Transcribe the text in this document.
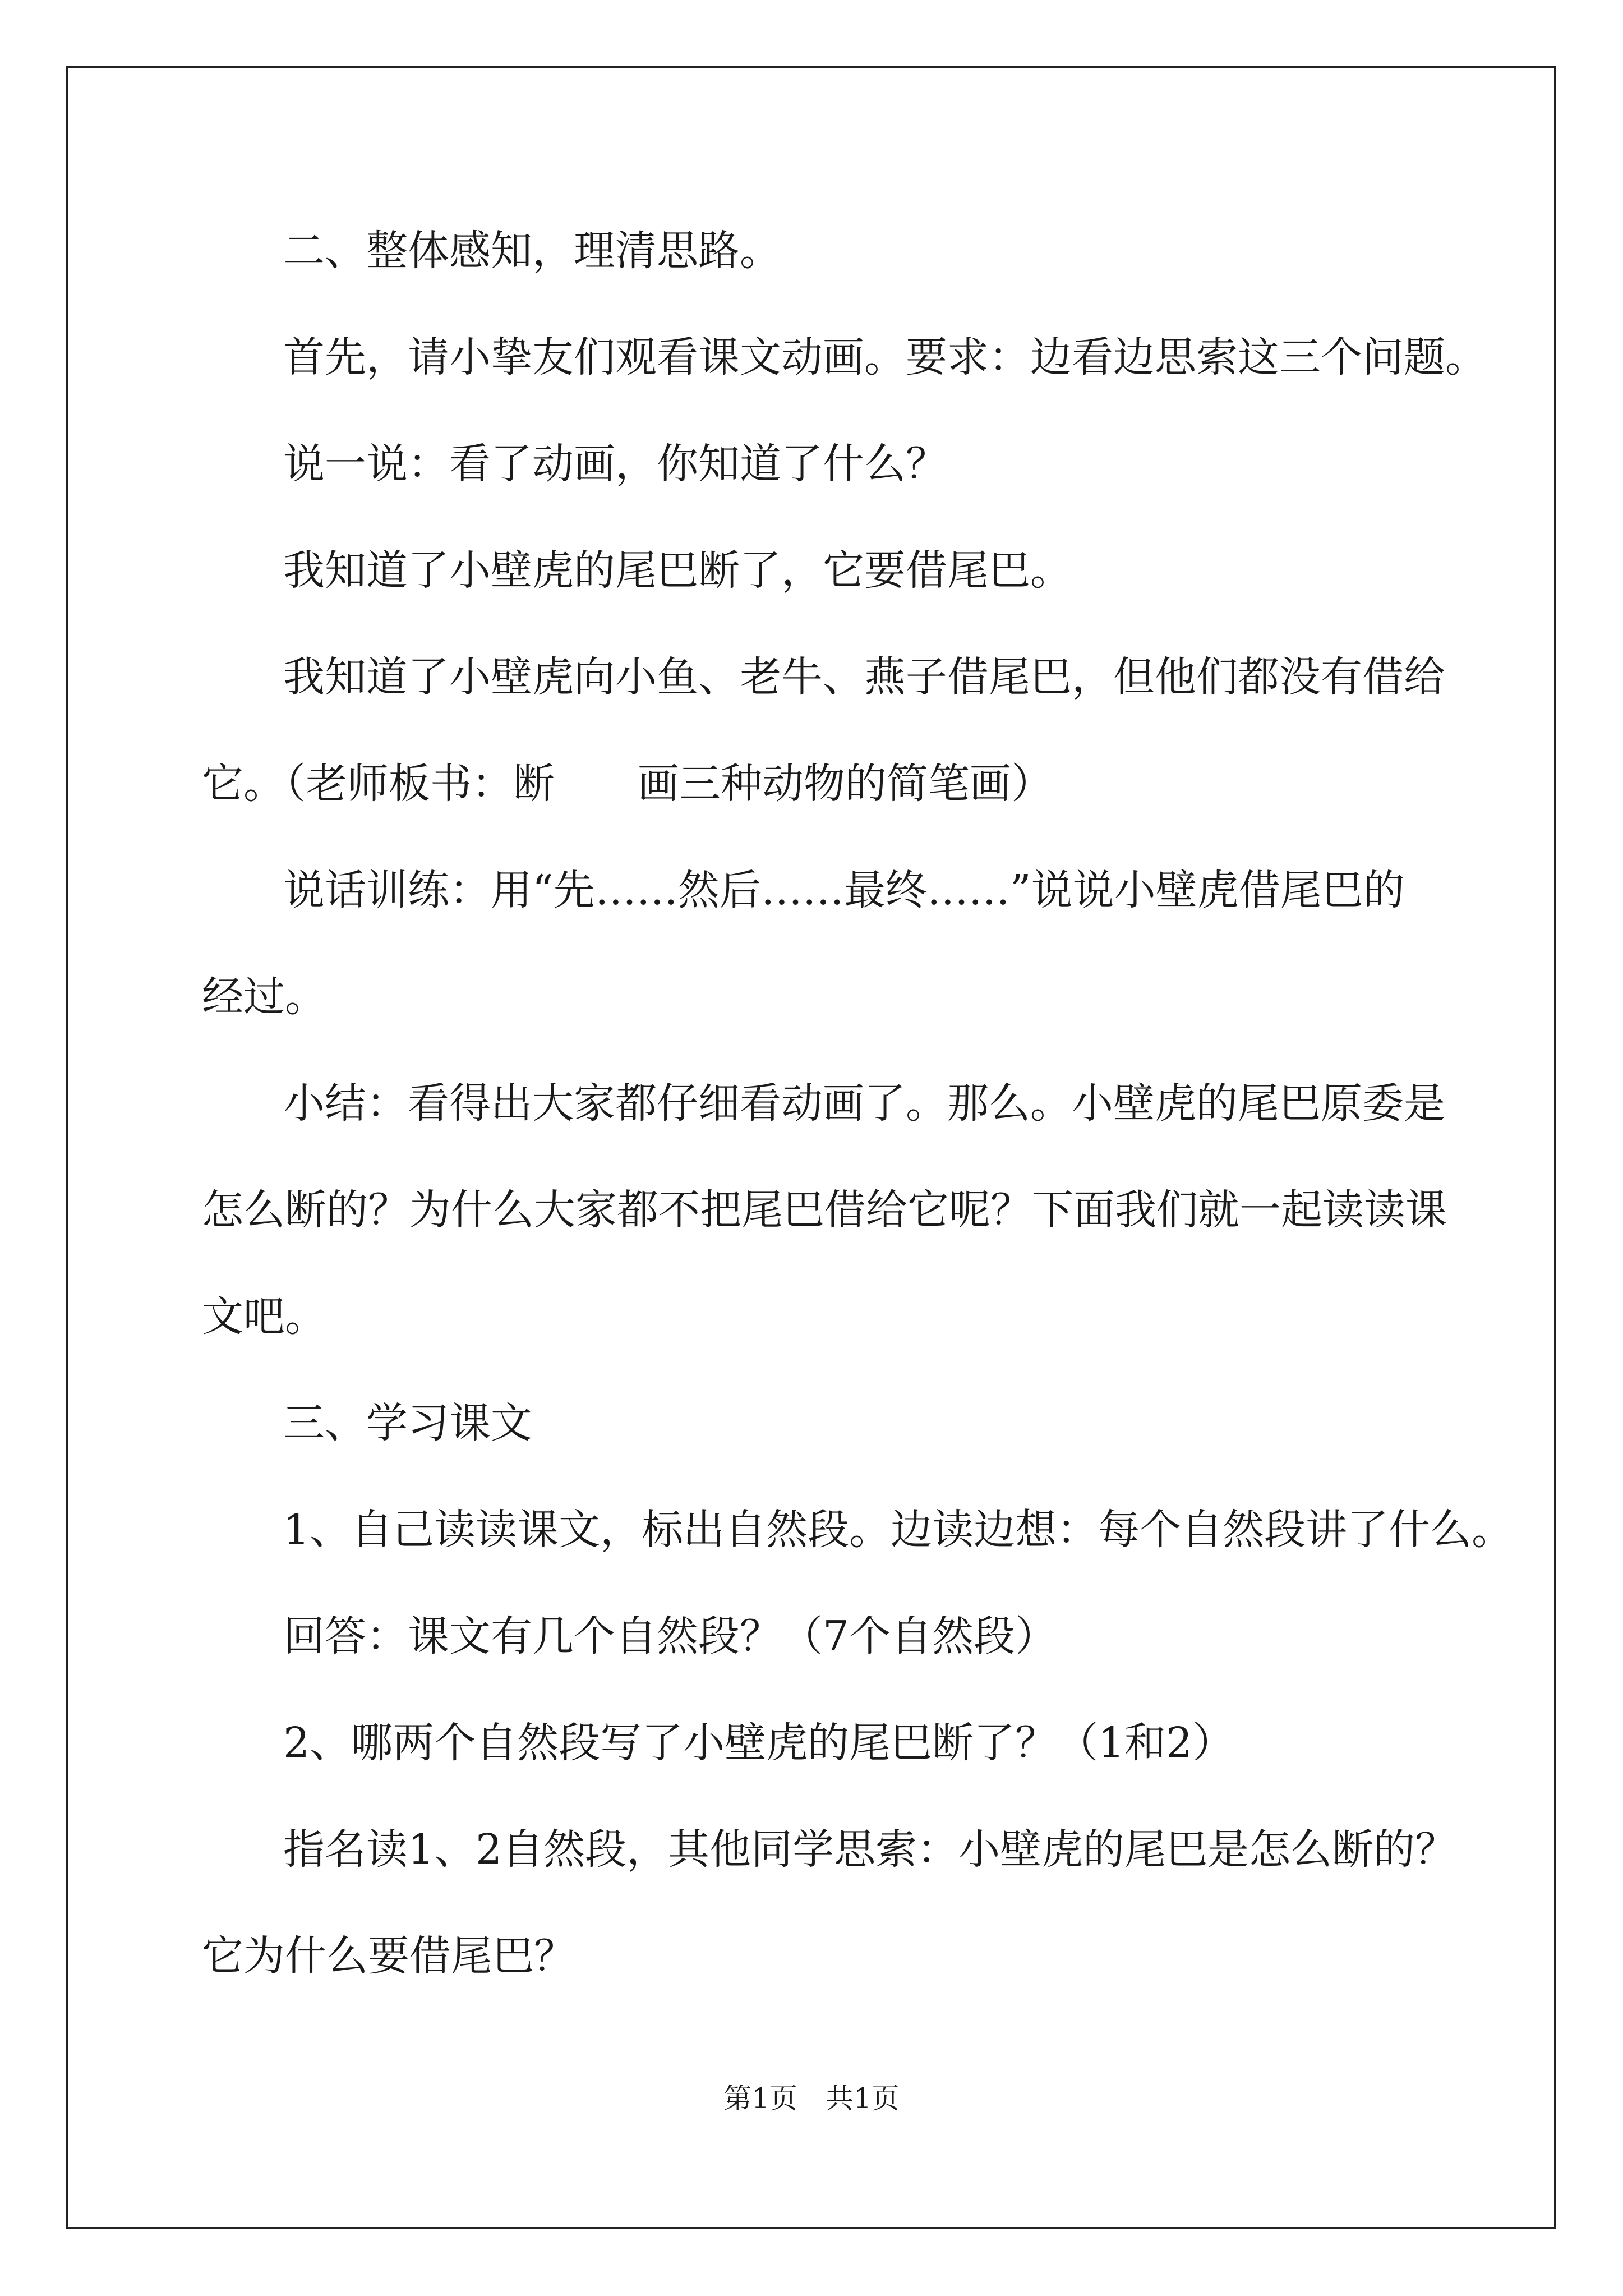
二、整体感知，理清思路。
首先，请小挚友们观看课文动画。要求：边看边思索这三个问题。
说一说：看了动画，你知道了什么？
我知道了小壁虎的尾巴断了，它要借尾巴。
我知道了小壁虎向小鱼、老牛、燕子借尾巴，但他们都没有借给
它。（老师板书：断　　画三种动物的简笔画）
说话训练：用“先……然后……最终……”说说小壁虎借尾巴的
经过。
小结：看得出大家都仔细看动画了。那么。小壁虎的尾巴原委是
怎么断的？为什么大家都不把尾巴借给它呢？下面我们就一起读读课
文吧。
三、学习课文
1、自己读读课文，标出自然段。边读边想：每个自然段讲了什么。
回答：课文有几个自然段？（7个自然段）
2、哪两个自然段写了小壁虎的尾巴断了？（1和2）
指名读1、2自然段，其他同学思索：小壁虎的尾巴是怎么断的？
它为什么要借尾巴？
第1页　共1页
